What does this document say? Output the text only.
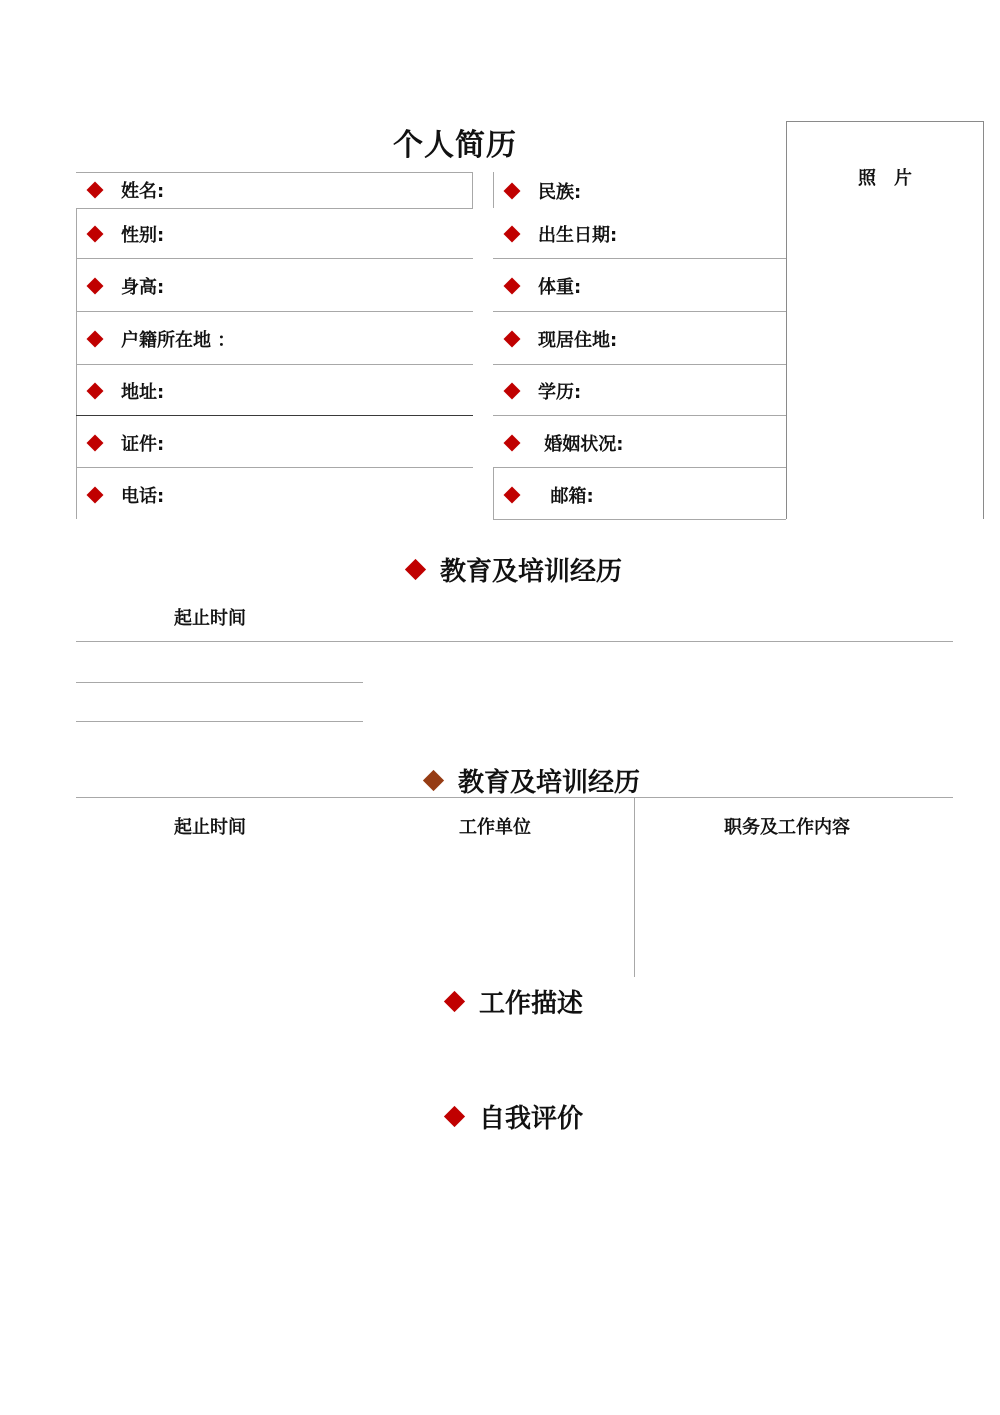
个人简历
照　片
姓名:
性别:
身高:
户籍所在地 ：
地址:
证件:
电话:
民族:
出生日期:
体重:
现居住地:
学历:
婚姻状况:
邮箱:
教育及培训经历
起止时间
教育及培训经历
起止时间	工作单位	职务及工作内容
工作描述
自我评价
